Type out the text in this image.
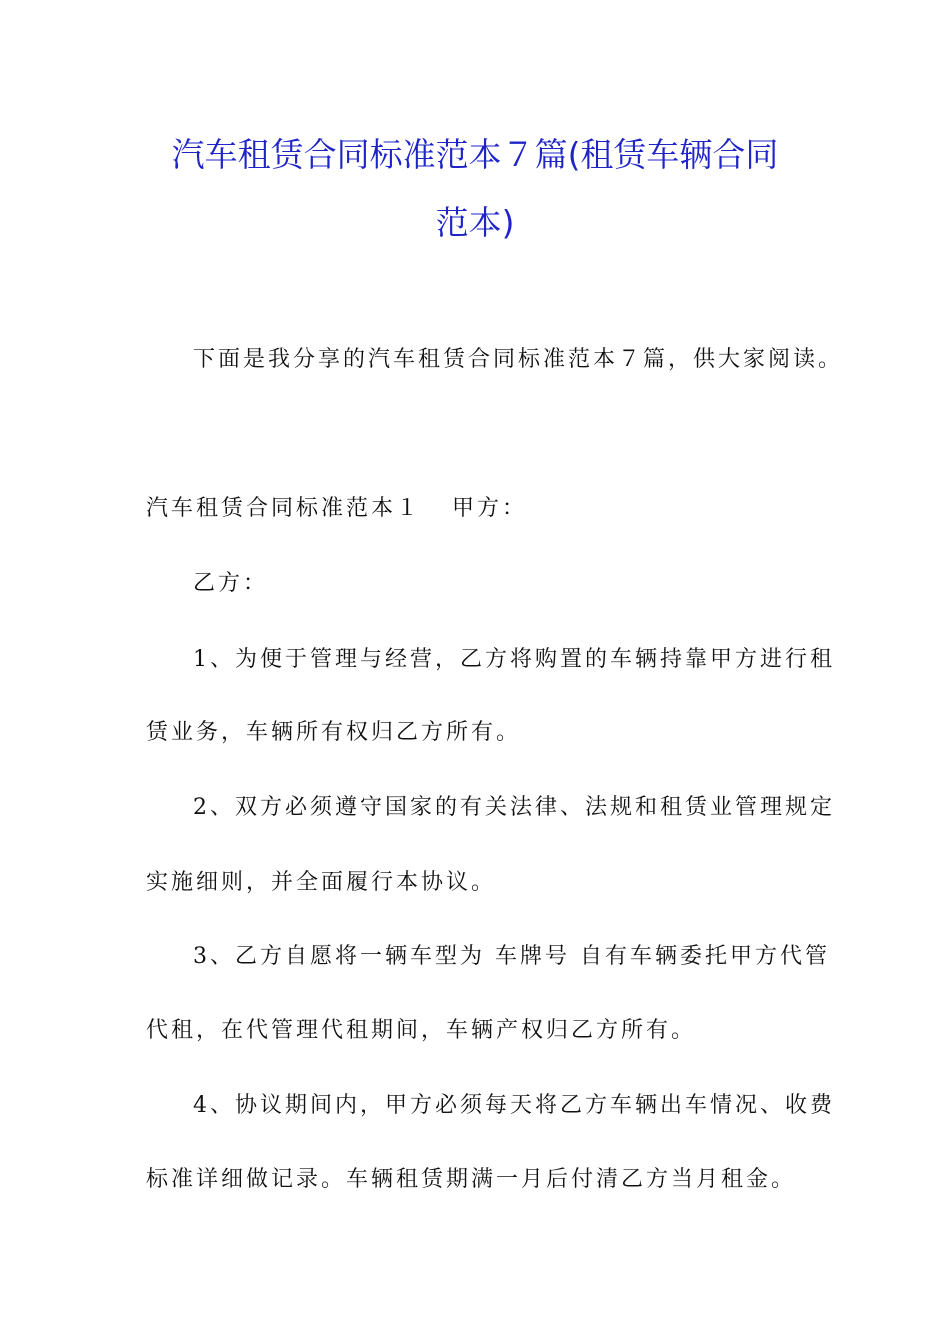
汽车租赁合同标准范本７篇(租赁车辆合同
范本)
下面是我分享的汽车租赁合同标准范本７篇，供大家阅读。
汽车租赁合同标准范本１ 甲方：
乙方：
1、为便于管理与经营，乙方将购置的车辆持靠甲方进行租
赁业务，车辆所有权归乙方所有。
2、双方必须遵守国家的有关法律、法规和租赁业管理规定
实施细则，并全面履行本协议。
3、乙方自愿将一辆车型为 车牌号 自有车辆委托甲方代管
代租，在代管理代租期间，车辆产权归乙方所有。
4、协议期间内，甲方必须每天将乙方车辆出车情况、收费
标准详细做记录。车辆租赁期满一月后付清乙方当月租金。
